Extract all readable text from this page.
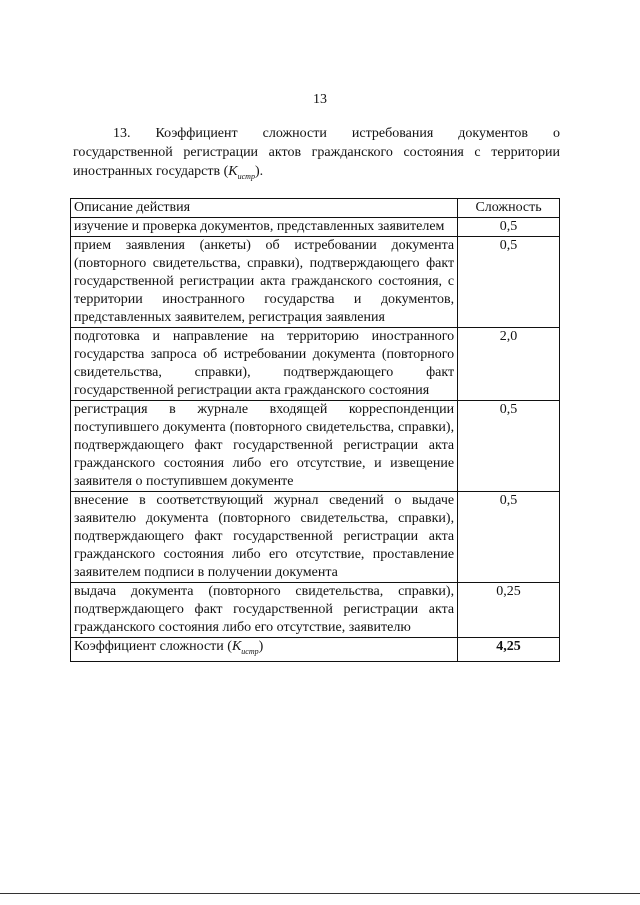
13
13. Коэффициент сложности истребования документов о
государственной регистрации актов гражданского состояния с территории
иностранных государств $(K_{истр})$.
Описание действия	Сложность
изучение и проверка документов, представленных заявителем	0,5
прием заявления (анкеты) об истребовании документа (повторного свидетельства, справки), подтверждающего факт государственной регистрации акта гражданского состояния, с территории иностранного государства и документов, представленных заявителем, регистрация заявления	0,5
подготовка и направление на территорию иностранного государства запроса об истребовании документа (повторного свидетельства, справки), подтверждающего факт государственной регистрации акта гражданского состояния	2,0
регистрация в журнале входящей корреспонденции поступившего документа (повторного свидетельства, справки), подтверждающего факт государственной регистрации акта гражданского состояния либо его отсутствие, и извещение заявителя о поступившем документе	0,5
внесение в соответствующий журнал сведений о выдаче заявителю документа (повторного свидетельства, справки), подтверждающего факт государственной регистрации акта гражданского состояния либо его отсутствие, проставление заявителем подписи в получении документа	0,5
выдача документа (повторного свидетельства, справки), подтверждающего факт государственной регистрации акта гражданского состояния либо его отсутствие, заявителю	0,25
Коэффициент сложности $(K_{истр})$	4,25
